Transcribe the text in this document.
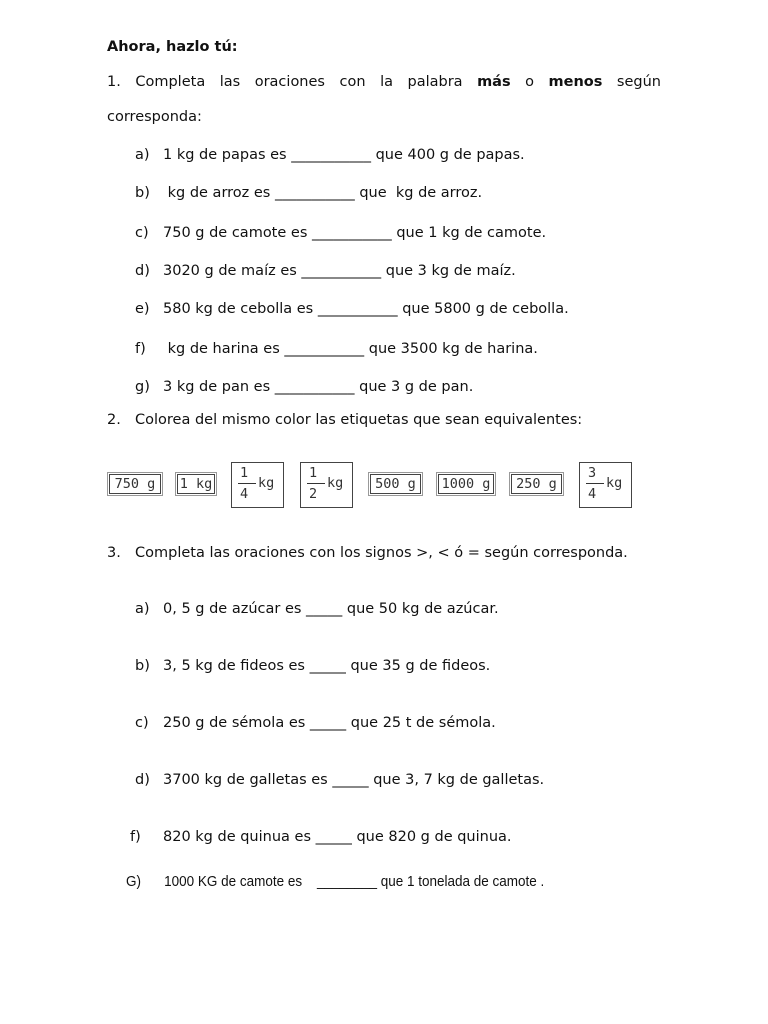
Ahora, hazlo tú:
1. Completa las oraciones con la palabra más o menos según
corresponda:
a) 1 kg de papas es ___________ que 400 g de papas.
b) kg de arroz es ___________ que  kg de arroz.
c) 750 g de camote es ___________ que 1 kg de camote.
d) 3020 g de maíz es ___________ que 3 kg de maíz.
e) 580 kg de cebolla es ___________ que 5800 g de cebolla.
f) kg de harina es ___________ que 3500 kg de harina.
g) 3 kg de pan es ___________ que 3 g de pan.
2. Colorea del mismo color las etiquetas que sean equivalentes:
750 g	1 kg
1
4
kg
1
2
kg	500 g	1000 g	250 g
3
4
kg
3. Completa las oraciones con los signos >, < ó = según corresponda.
a) 0, 5 g de azúcar es _____ que 50 kg de azúcar.
b) 3, 5 kg de fideos es _____ que 35 g de fideos.
c) 250 g de sémola es _____ que 25 t de sémola.
d) 3700 kg de galletas es _____ que 3, 7 kg de galletas.
f) 820 kg de quinua es _____ que 820 g de quinua.
G) 1000 KG de camote es    ________ que 1 tonelada de camote .
